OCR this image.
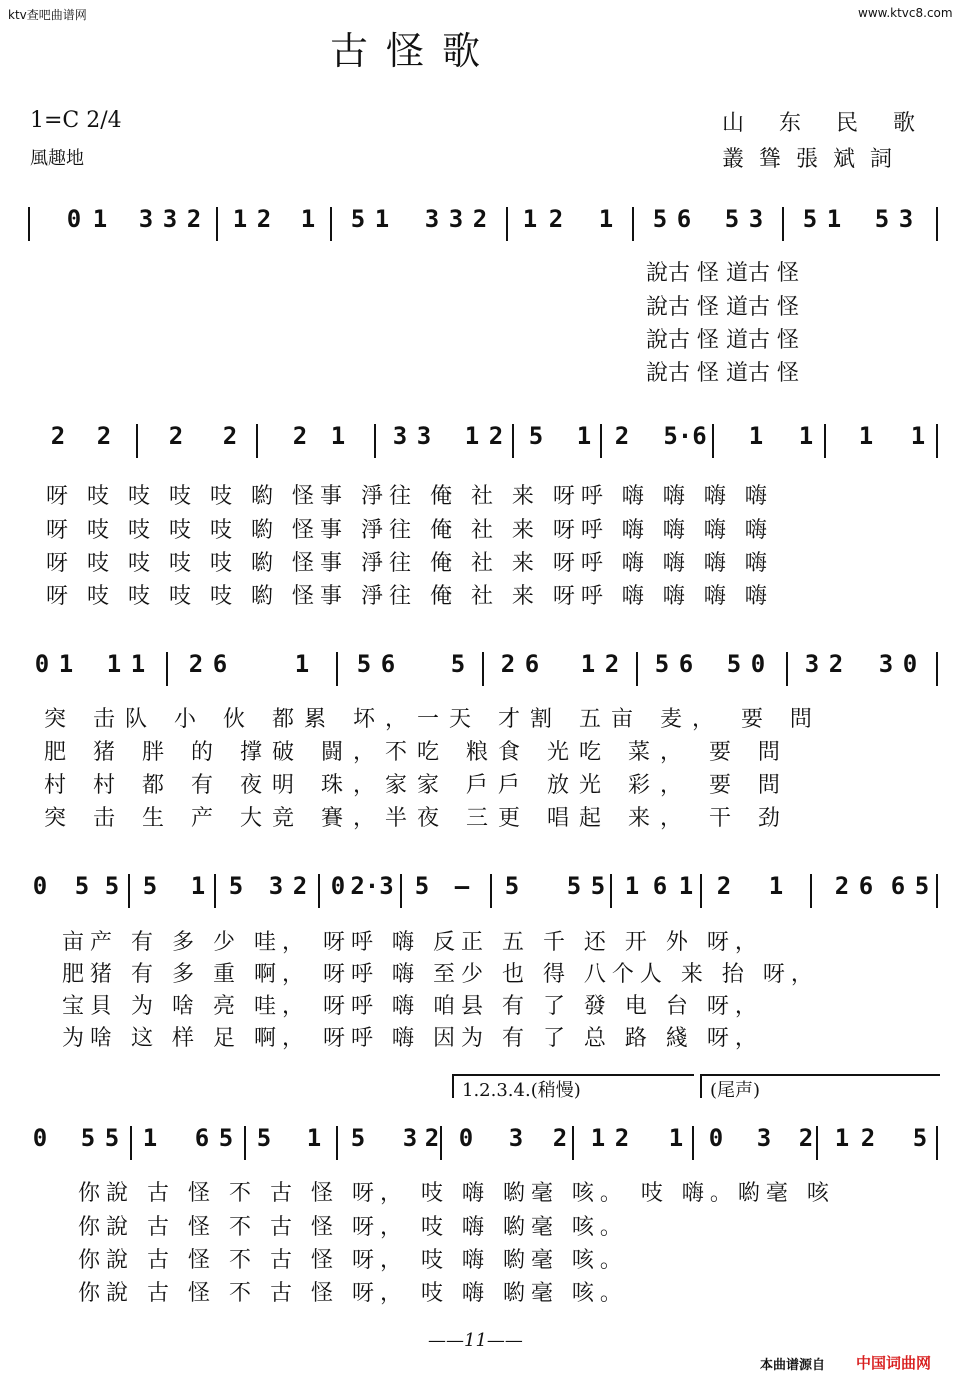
ktv查吧曲谱网	www.ktvc8.com
古怪歌
1=C 2/4
風趣地
山 东 民 歌
叢 聳 張 斌 詞
0 1 3 3 2 1 2 1 5 1 3 3 2 1 2 1 5 6 5 3 5 1 5 3
說古 怪 道古 怪
說古 怪 道古 怪
說古 怪 道古 怪
說古 怪 道古 怪
2 2 2 2 2 1 3 3 1 2 5 1 2 5·6 1 1 1 1
呀 吱 吱 吱 吱 喲 怪事 淨往 俺 社 来 呀呼 嗨 嗨 嗨 嗨
呀 吱 吱 吱 吱 喲 怪事 淨往 俺 社 来 呀呼 嗨 嗨 嗨 嗨
呀 吱 吱 吱 吱 喲 怪事 淨往 俺 社 来 呀呼 嗨 嗨 嗨 嗨
呀 吱 吱 吱 吱 喲 怪事 淨往 俺 社 来 呀呼 嗨 嗨 嗨 嗨
0 1 1 1 2 6	1 5 6 5 2 6 1 2 5 6 5 0 3 2 3 0
突 击队 小 伙 都累 坏，一天 才割 五亩 麦， 要 問
肥 猪 胖 的 撑破 闘，不吃 粮食 光吃 菜， 要 問
村 村 都 有 夜明 珠，家家 戶戶 放光 彩， 要 問
突 击 生 产 大竞 賽，半夜 三更 唱起 来， 干 劲
0 5 5 5 1 5 3 2 0 2·3 5	—	5 5 5 1 6 1 2 1 2 6 6 5
亩产 有 多 少 哇， 呀呼 嗨 反正 五 千 还 开 外 呀，
肥猪 有 多 重 啊， 呀呼 嗨 至少 也 得 八个人 来 抬 呀，
宝貝 为 啥 亮 哇， 呀呼 嗨 咱县 有 了 發 电 台 呀，
为啥 这 样 足 啊， 呀呼 嗨 因为 有 了 总 路 綫 呀，
1.2.3.4.(稍慢)	(尾声)
0 5 5 1 6 5 5 1 5 3 2 0 3 2 1 2 1 0 3 2 1 2 5
你說 古 怪 不 古 怪 呀， 吱 嗨 喲毫 咳。 吱 嗨。喲毫 咳
你說 古 怪 不 古 怪 呀， 吱 嗨 喲毫 咳。
你說 古 怪 不 古 怪 呀， 吱 嗨 喲毫 咳。
你說 古 怪 不 古 怪 呀， 吱 嗨 喲毫 咳。
——11——
本曲谱源自 中国词曲网
